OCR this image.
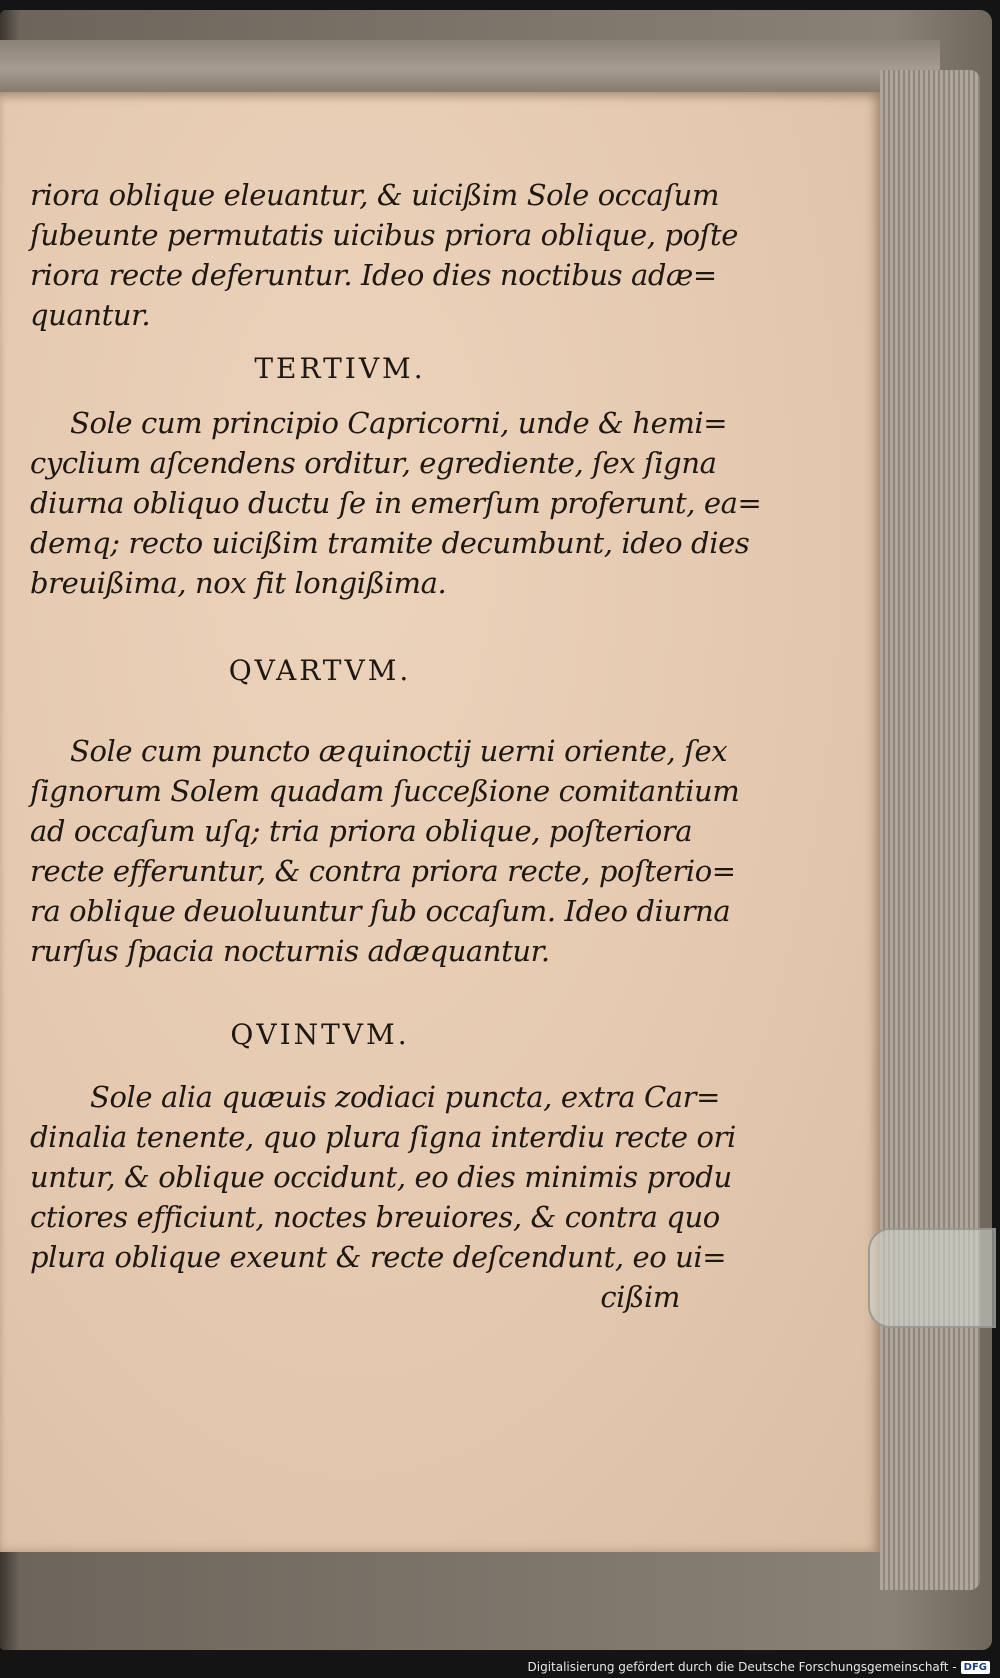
riora oblique eleuantur, & uicißim Sole occaſum
ſubeunte permutatis uicibus priora oblique, poſte
riora recte deferuntur. Ideo dies noctibus adæ=
quantur.
TERTIVM.
Sole cum principio Capricorni, unde & hemi=
cyclium aſcendens orditur, egrediente, ſex ſigna
diurna obliquo ductu ſe in emerſum proferunt, ea=
demq; recto uicißim tramite decumbunt, ideo dies
breuißima, nox fit longißima.
QVARTVM.
Sole cum puncto æquinoctij uerni oriente, ſex
ſignorum Solem quadam ſucceßione comitantium
ad occaſum uſq; tria priora oblique, poſteriora
recte efferuntur, & contra priora recte, poſterio=
ra oblique deuoluuntur ſub occaſum. Ideo diurna
rurſus ſpacia nocturnis adæquantur.
QVINTVM.
Sole alia quæuis zodiaci puncta, extra Car=
dinalia tenente, quo plura ſigna interdiu recte ori
untur, & oblique occidunt, eo dies minimis produ
ctiores efficiunt, noctes breuiores, & contra quo
plura oblique exeunt & recte deſcendunt, eo ui=
cißim
Digitalisierung gefördert durch die Deutsche Forschungsgemeinschaft - DFG
